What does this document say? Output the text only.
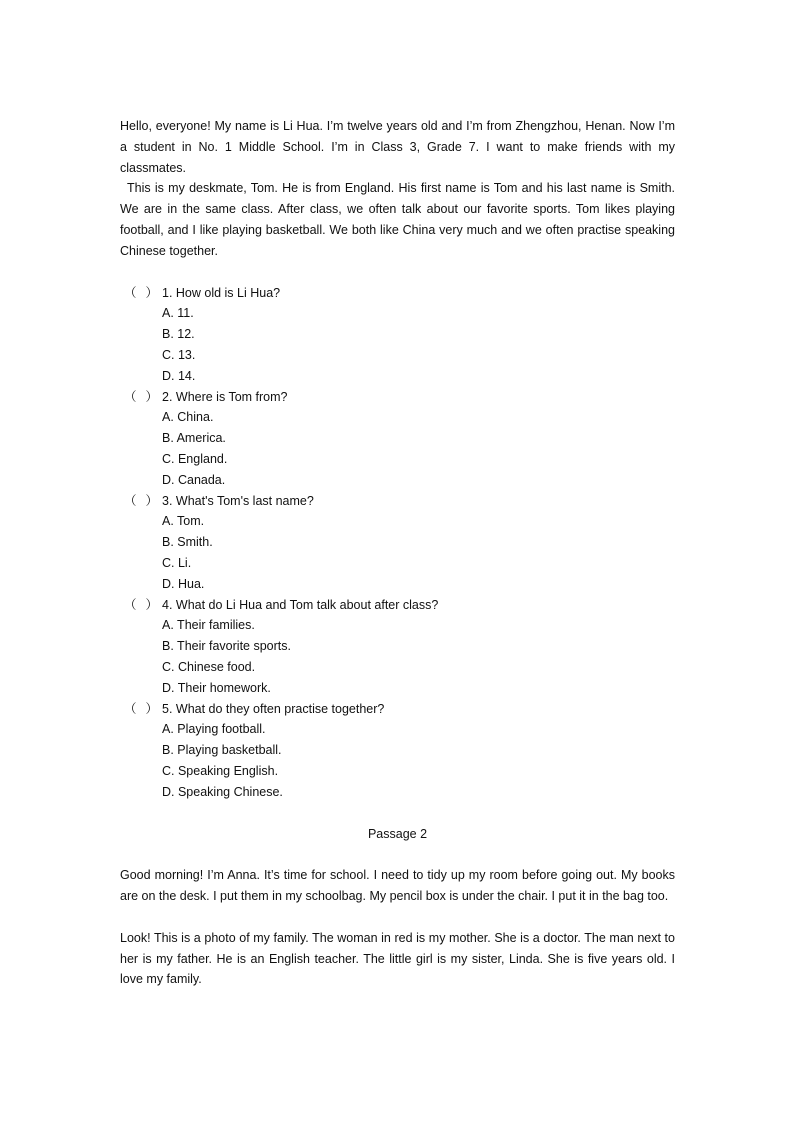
Hello, everyone! My name is Li Hua. I’m twelve years old and I’m from Zhengzhou, Henan. Now I’m a student in No. 1 Middle School. I’m in Class 3, Grade 7. I want to make friends with my classmates.

This is my deskmate, Tom. He is from England. His first name is Tom and his last name is Smith. We are in the same class. After class, we often talk about our favorite sports. Tom likes playing football, and I like playing basketball. We both like China very much and we often practise speaking Chinese together.

（ ） 1. How old is Li Hua?
A. 11.
B. 12.
C. 13.
D. 14.
（ ） 2. Where is Tom from?
A. China.
B. America.
C. England.
D. Canada.
（ ） 3. What's Tom's last name?
A. Tom.
B. Smith.
C. Li.
D. Hua.
（ ） 4. What do Li Hua and Tom talk about after class?
A. Their families.
B. Their favorite sports.
C. Chinese food.
D. Their homework.
（ ） 5. What do they often practise together?
A. Playing football.
B. Playing basketball.
C. Speaking English.
D. Speaking Chinese.
Passage 2

Good morning! I’m Anna. It’s time for school. I need to tidy up my room before going out. My books are on the desk. I put them in my schoolbag. My pencil box is under the chair. I put it in the bag too.

Look! This is a photo of my family. The woman in red is my mother. She is a doctor. The man next to her is my father. He is an English teacher. The little girl is my sister, Linda. She is five years old. I love my family.
